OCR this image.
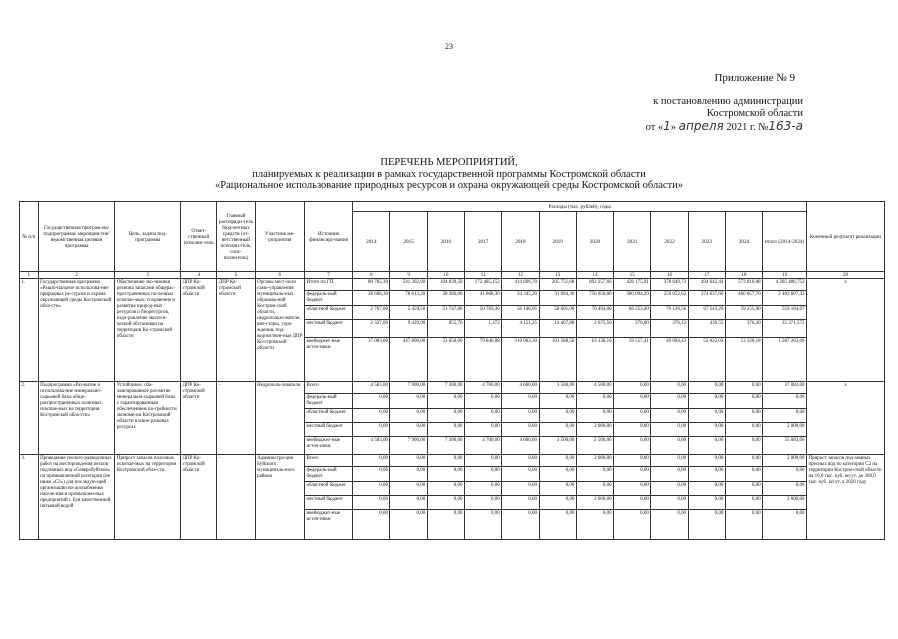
23
Приложение № 9
к постановлению администрации
Костромской области
от «1» апреля 2021 г. №163-а
ПЕРЕЧЕНЬ МЕРОПРИЯТИЙ,
планируемых к реализации в рамках государственной программы Костромской области
«Рациональное использование природных ресурсов и охрана окружающей среды Костромской области»
№ п/п	Государственная програм-ма/подпрограмма/ мероприя-тие/ведомственная целевая программа	Цель, задача под-программы	Ответ-ственный исполни-тель	Главный распоряди-тель бюд-жетных средств (от-ветственный исполни-тель, соис-полнитель)	Участник ме-роприятия	Источник финансиро-вания	Расходы (тыс. рублей), годы												Конечный результат реализации
							2014	2015	2016	2017	2018	2019	2020	2021	2022	2023	2024	итого (2014-2024)	
1	2	3	4	5	6	7	8	9	10	11	12	13	14	15	16	17	18	19	20
1.	Государственная программа «Рацио-нальное использова-ние природных ре-сурсов и охрана окружающей среды Костромской обла-сти»	Обеспечение эко-номики региона запасами общерас-пространенных по-лезных ископае-мых; сохранение и развитие природ-ных ресурсов и биоресурсов, оздо-ровление экологи-ческой обстановки на территории Ко-стромской области	ДПР Ко-стромской области	ДПР Ко-стромской области	Органы мест-ного само-управления муниципаль-ных образова-ний Костром-ской области, недропользо-ватели, вне-сторы, учре-ждения, под-ведомствен-ные ДПР Ко-стромской области	Итого по ГП	80 785,30	541 302,60	104 839,50	172 485,152	414 606,70	205 751,68	892 357,66	426 175,91	378 649,73	494 642,44	573 810,08	4 285 406,752	х
						федераль-ный бюджет	38 608,30	78 613,20	28 386,00	41 868,30	34 345,20	31 094,30	756 050,00	300 094,20	259 052,62	374 637,60	460 857,70	2 403 607,42	
						областной бюджет	2 767,00	5 459,50	51 747,80	50 769,30	56 146,95	58 601,00	70 494,00	66 253,40	70 126,56	67 543,26	59 255,90	559 164,67	
						местный бюджет	2 327,00	9 429,90	855,70	1,472	4 151,25	14 467,88	2 675,50	270,90	376,12	439,55	376,30	35 371,572	
						внебюджет-ные источ-ники	37 083,00	447 800,00	23 850,00	79 846,08	319 963,30	101 588,50	63 138,16	59 557,41	49 094,43	52 022,03	53 320,18	1 287 263,09	
2.	Подпрограмма «Раз-витие и использова-ние минерально-сырьевой базы обще-распространенных полезных ископае-мых на территории Костромской обла-сти»	Устойчивое, сба-лансированное раз-витие минерально-сырьевой базы с гарантированным обеспечением по-требности экономи-ки Костромской области в мине-ральных ресурсах	ДПР Ко-стромской области	-	Недрополь-зователи	Всего	4 583,00	7 900,00	7 300,00	4 700,00	4 600,00	3 500,00	4 500,00	0,00	0,00	0,00	0,00	37 083,00	х
						федераль-ный бюджет	0,00	0,00	0,00	0,00	0,00	0,00	0,00	0,00	0,00	0,00	0,00	0,00	
						областной бюджет	0,00	0,00	0,00	0,00	0,00	0,00	0,00	0,00	0,00	0,00	0,00	0,00	
						местный бюджет	0,00	0,00	0,00	0,00	0,00	0,00	2 000,00	0,00	0,00	0,00	0,00	2 000,00	
						внебюджет-ные источ-ники	4 583,00	7 900,00	7 300,00	4 700,00	4 600,00	3 500,00	2 500,00	0,00	0,00	0,00	0,00	35 083,00	
3.	Проведение геолого-разведочных работ на месторождения песков подземных вод «Северобуйское» по промышленной категории (не ниже «С2») для последую-щей организации во-доснабжения населе-ния в промышлен-ных предприятий г. Буя качественной питьевой водой	Прирост запасов полезных ископае-мых на территории Костромской обла-сти	ДПР Ко-стромской области	-	Администра-ция Буйского муниципаль-ного района	Всего	0,00	0,00	0,00	0,00	0,00	0,00	2 000,00	0,00	0,00	0,00	0,00	2 000,00	Прирост запасов под-земных пресных вод по категории С2 на территории Костром-ской области на 10,0 тыс. куб. м/сут. до 360,0 тыс. куб. м/сут. к 2020 году
						федераль-ный бюджет	0,00	0,00	0,00	0,00	0,00	0,00	0,00	0,00	0,00	0,00	0,00	0,00	
						областной бюджет	0,00	0,00	0,00	0,00	0,00	0,00	0,00	0,00	0,00	0,00	0,00	0,00	
						местный бюджет	0,00	0,00	0,00	0,00	0,00	0,00	2 000,00	0,00	0,00	0,00	0,00	2 000,00	
						внебюджет-ные источ-ники	0,00	0,00	0,00	0,00	0,00	0,00	0,00	0,00	0,00	0,00	0,00	0,00	
